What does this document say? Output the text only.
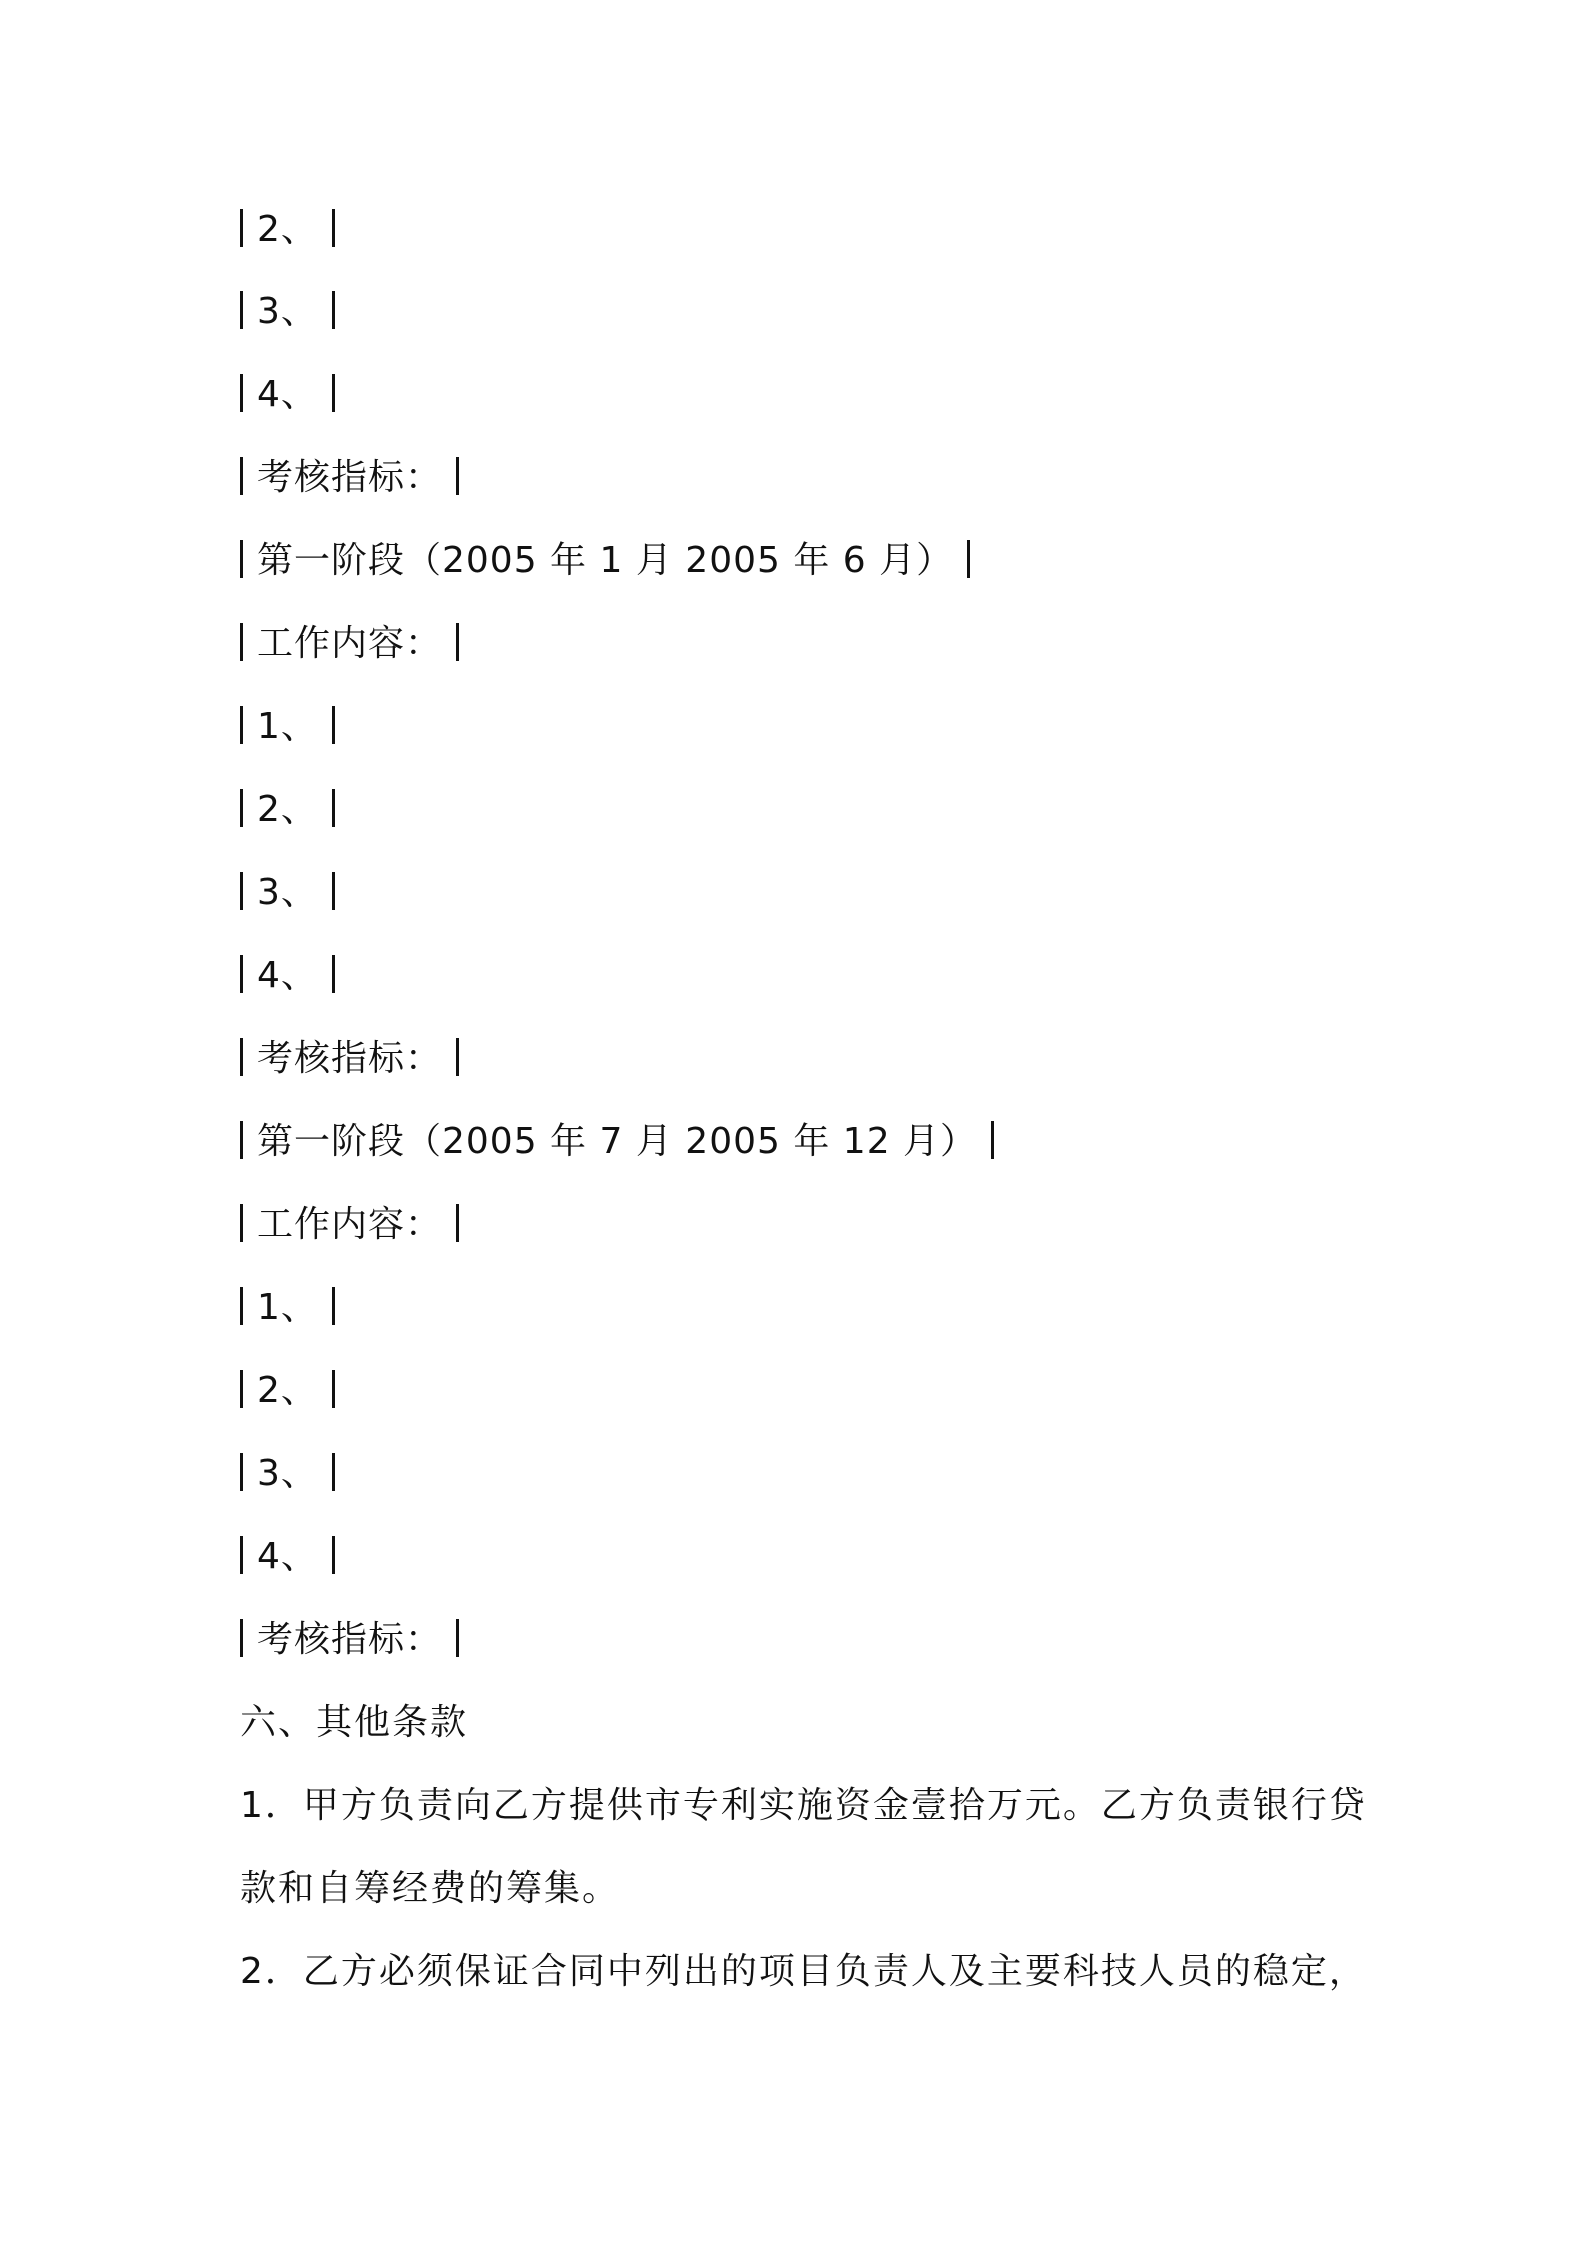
2、
3、
4、
考核指标：
第一阶段（2005 年 1 月 2005 年 6 月）
工作内容：
1、
2、
3、
4、
考核指标：
第一阶段（2005 年 7 月 2005 年 12 月）
工作内容：
1、
2、
3、
4、
考核指标：
六、其他条款
1．甲方负责向乙方提供市专利实施资金壹拾万元。乙方负责银行贷
款和自筹经费的筹集。
2．乙方必须保证合同中列出的项目负责人及主要科技人员的稳定，
